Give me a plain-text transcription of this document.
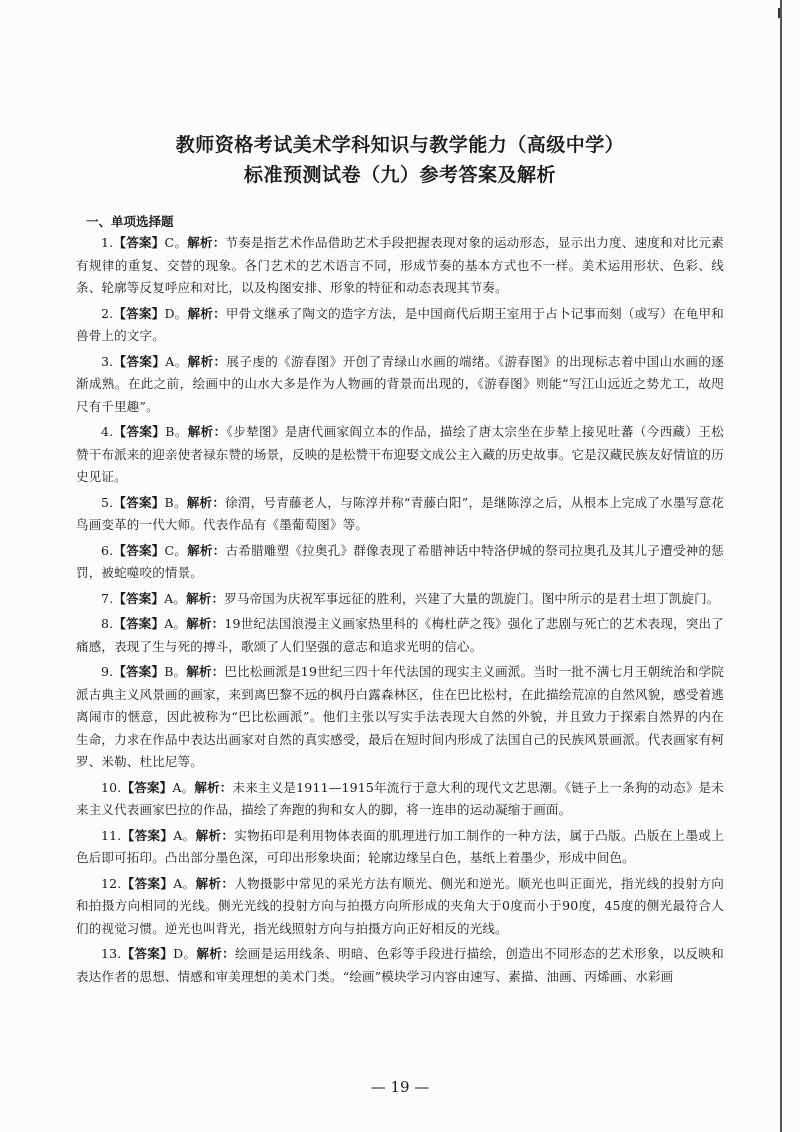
教师资格考试美术学科知识与教学能力（高级中学）
标准预测试卷（九）参考答案及解析
一、单项选择题

1.【答案】C。解析：节奏是指艺术作品借助艺术手段把握表现对象的运动形态，显示出力度、速度和对比元素有规律的重复、交替的现象。各门艺术的艺术语言不同，形成节奏的基本方式也不一样。美术运用形状、色彩、线条、轮廓等反复呼应和对比，以及构图安排、形象的特征和动态表现其节奏。

2.【答案】D。解析：甲骨文继承了陶文的造字方法，是中国商代后期王室用于占卜记事而刻（或写）在龟甲和兽骨上的文字。

3.【答案】A。解析：展子虔的《游春图》开创了青绿山水画的端绪。《游春图》的出现标志着中国山水画的逐渐成熟。在此之前，绘画中的山水大多是作为人物画的背景而出现的，《游春图》则能“写江山远近之势尤工，故咫尺有千里趣”。

4.【答案】B。解析：《步辇图》是唐代画家阎立本的作品，描绘了唐太宗坐在步辇上接见吐蕃（今西藏）王松赞干布派来的迎亲使者禄东赞的场景，反映的是松赞干布迎娶文成公主入藏的历史故事。它是汉藏民族友好情谊的历史见证。

5.【答案】B。解析：徐渭，号青藤老人，与陈淳并称“青藤白阳”，是继陈淳之后，从根本上完成了水墨写意花鸟画变革的一代大师。代表作品有《墨葡萄图》等。

6.【答案】C。解析：古希腊雕塑《拉奥孔》群像表现了希腊神话中特洛伊城的祭司拉奥孔及其儿子遭受神的惩罚，被蛇噬咬的情景。

7.【答案】A。解析：罗马帝国为庆祝军事远征的胜利，兴建了大量的凯旋门。图中所示的是君士坦丁凯旋门。

8.【答案】A。解析：19世纪法国浪漫主义画家热里科的《梅杜萨之筏》强化了悲剧与死亡的艺术表现，突出了痛感，表现了生与死的搏斗，歌颂了人们坚强的意志和追求光明的信心。

9.【答案】B。解析：巴比松画派是19世纪三四十年代法国的现实主义画派。当时一批不满七月王朝统治和学院派古典主义风景画的画家，来到离巴黎不远的枫丹白露森林区，住在巴比松村，在此描绘荒凉的自然风貌，感受着逃离闹市的惬意，因此被称为“巴比松画派”。他们主张以写实手法表现大自然的外貌，并且致力于探索自然界的内在生命，力求在作品中表达出画家对自然的真实感受，最后在短时间内形成了法国自己的民族风景画派。代表画家有柯罗、米勒、杜比尼等。

10.【答案】A。解析：未来主义是1911—1915年流行于意大利的现代文艺思潮。《链子上一条狗的动态》是未来主义代表画家巴拉的作品，描绘了奔跑的狗和女人的脚，将一连串的运动凝缩于画面。

11.【答案】A。解析：实物拓印是利用物体表面的肌理进行加工制作的一种方法，属于凸版。凸版在上墨或上色后即可拓印。凸出部分墨色深，可印出形象块面；轮廓边缘呈白色，基纸上着墨少，形成中间色。

12.【答案】A。解析：人物摄影中常见的采光方法有顺光、侧光和逆光。顺光也叫正面光，指光线的投射方向和拍摄方向相同的光线。侧光光线的投射方向与拍摄方向所形成的夹角大于0度而小于90度，45度的侧光最符合人们的视觉习惯。逆光也叫背光，指光线照射方向与拍摄方向正好相反的光线。

13.【答案】D。解析：绘画是运用线条、明暗、色彩等手段进行描绘，创造出不同形态的艺术形象，以反映和表达作者的思想、情感和审美理想的美术门类。“绘画”模块学习内容由速写、素描、油画、丙烯画、水彩画

— 19 —
